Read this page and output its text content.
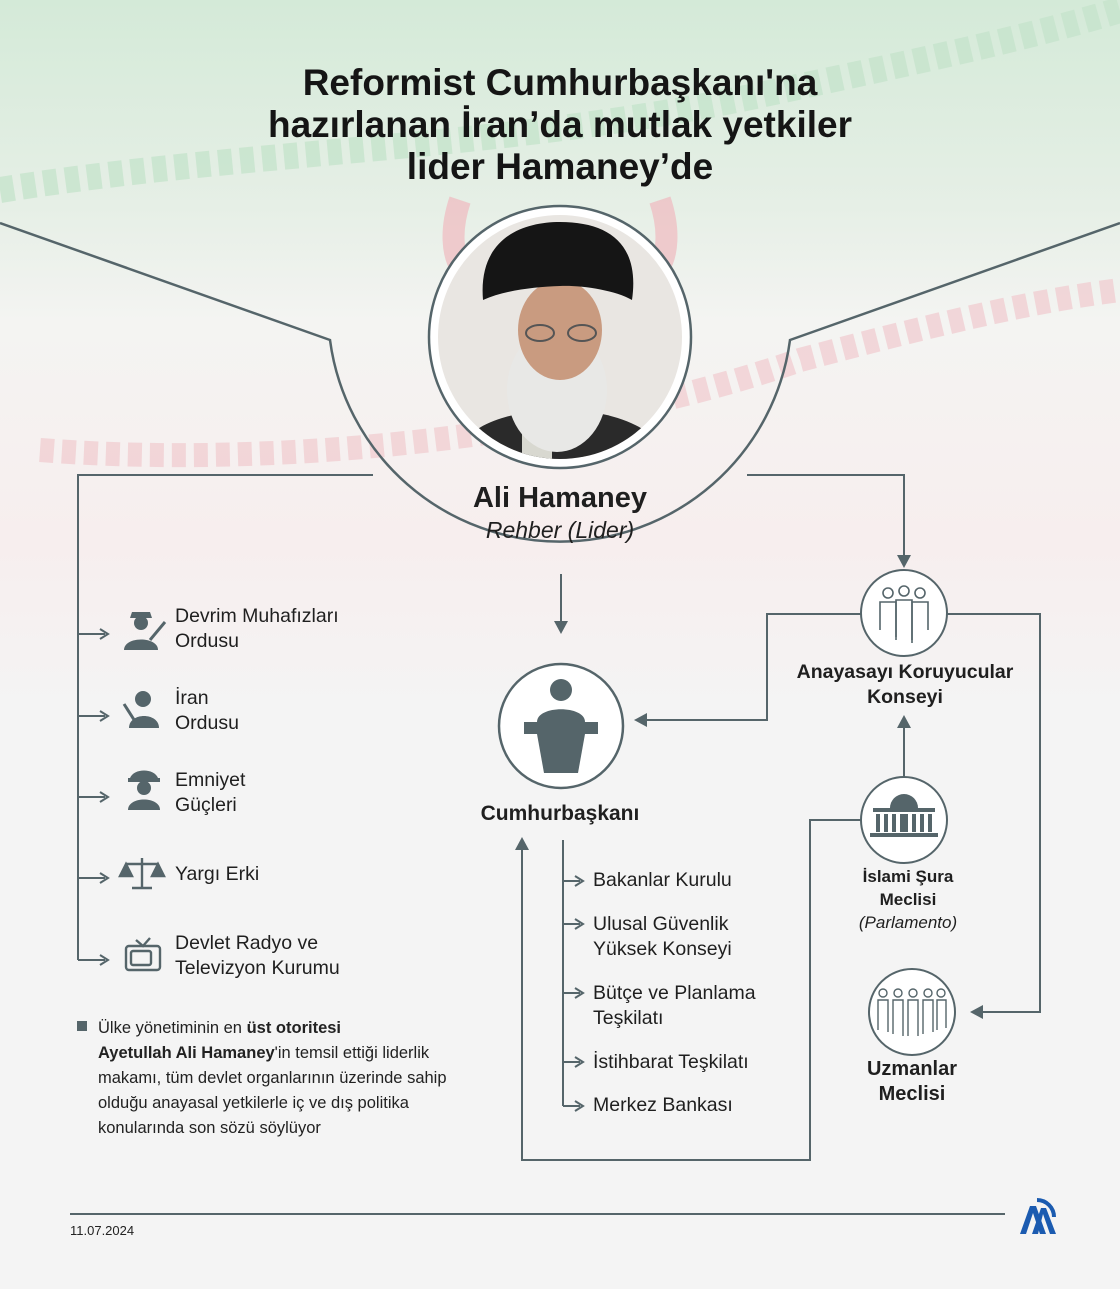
Reformist Cumhurbaşkanı'na
hazırlanan İran’da mutlak yetkiler
lider Hamaney’de
Ali Hamaney
Rehber (Lider)
Devrim Muhafızları
Ordusu
İran
Ordusu
Emniyet
Güçleri
Yargı Erki
Devlet Radyo ve
Televizyon Kurumu
Cumhurbaşkanı
Bakanlar Kurulu
Ulusal Güvenlik
Yüksek Konseyi
Bütçe ve Planlama
Teşkilatı
İstihbarat Teşkilatı
Merkez Bankası
Anayasayı Koruyucular
Konseyi
İslami Şura
Meclisi
(Parlamento)
Uzmanlar
Meclisi
Ülke yönetiminin en üst otoritesi
Ayetullah Ali Hamaney'in temsil ettiği liderlik makamı, tüm devlet organlarının üzerinde sahip olduğu anayasal yetkilerle iç ve dış politika konularında son sözü söylüyor
11.07.2024
